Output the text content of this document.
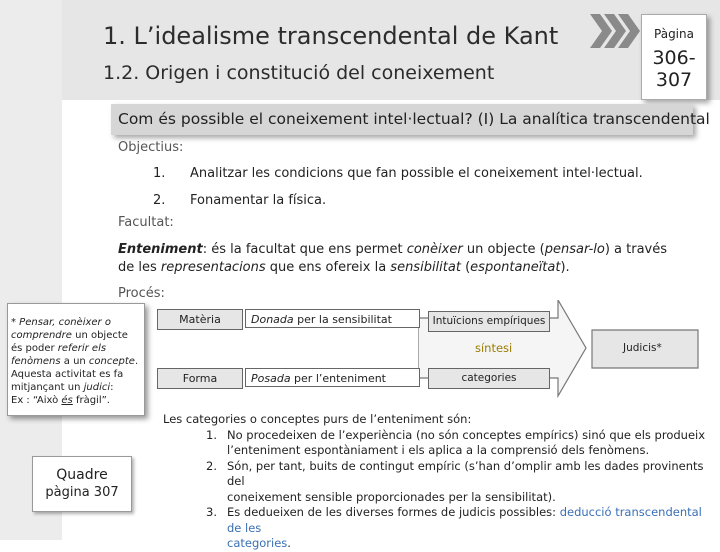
1. L’idealisme transcendental de Kant
1.2. Origen i constitució del coneixement
Pàgina
306-
307
Com és possible el coneixement intel·lectual? (I) La analítica transcendental
Objectius:
1. Analitzar les condicions que fan possible el coneixement intel·lectual.
2. Fonamentar la física.
Facultat:
Enteniment: és la facultat que ens permet conèixer un objecte (pensar-lo) a través
de les representacions que ens ofereix la sensibilitat (espontaneïtat).
Procés:
Matèria	Donada per la sensibilitat	Intuïcions empíriques
síntesi	Judicis*
Forma	Posada per l’enteniment	categories
* Pensar, conèixer o
comprendre un objecte
és poder referir els
fenòmens a un concepte.
Aquesta activitat es fa
mitjançant un judici:
Ex : “Això és fràgil”.
Quadre
pàgina 307
Les categories o conceptes purs de l’enteniment són:
1. No procedeixen de l’experiència (no són conceptes empírics) sinó que els produeix
l’enteniment espontàniament i els aplica a la comprensió dels fenòmens.
2. Són, per tant, buits de contingut empíric (s’han d’omplir amb les dades provinents del
coneixement sensible proporcionades per la sensibilitat).
3. Es dedueixen de les diverses formes de judicis possibles: deducció transcendental de les
categories.
